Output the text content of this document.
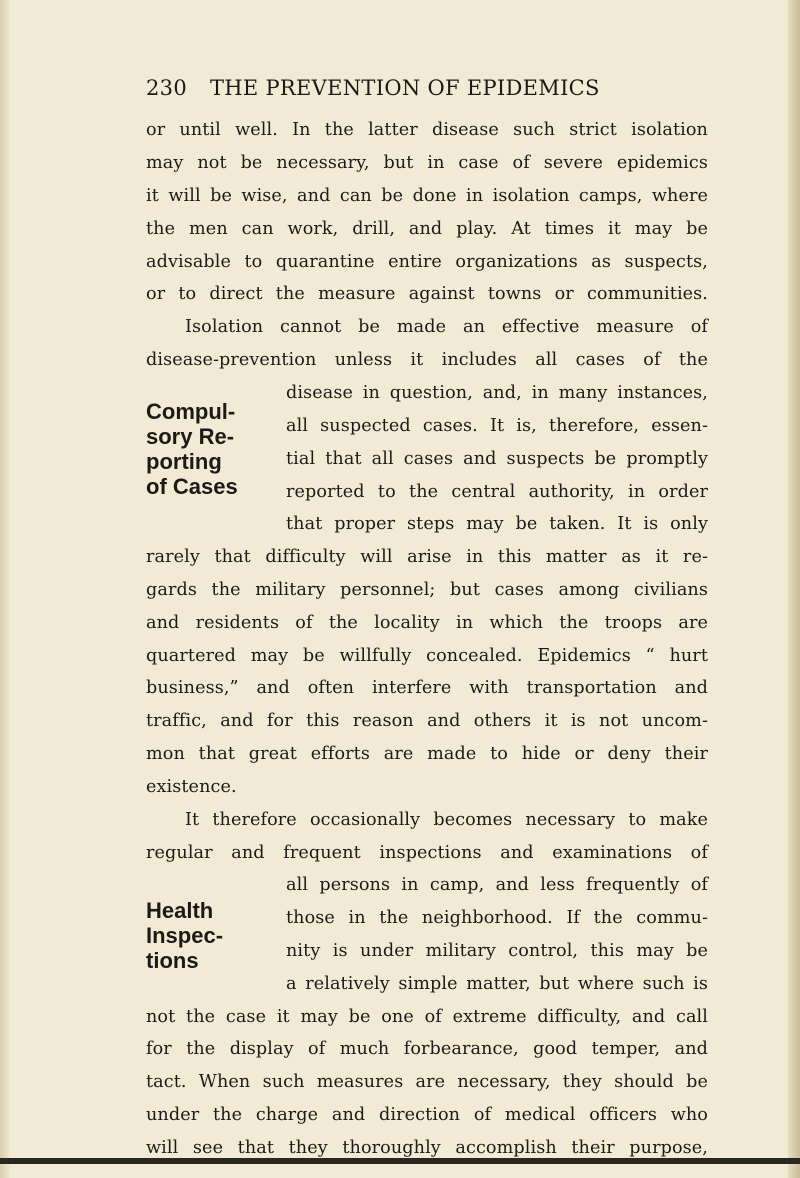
230 THE PREVENTION OF EPIDEMICS
or until well. In the latter disease such strict isolation
may not be necessary, but in case of severe epidemics
it will be wise, and can be done in isolation camps, where
the men can work, drill, and play. At times it may be
advisable to quarantine entire organizations as suspects,
or to direct the measure against towns or communities.
Isolation cannot be made an effective measure of
disease-prevention unless it includes all cases of the
Compul-
sory Re-
porting
of Cases
disease in question, and, in many instances,
all suspected cases. It is, therefore, essen-
tial that all cases and suspects be promptly
reported to the central authority, in order
that proper steps may be taken. It is only
rarely that difficulty will arise in this matter as it re-
gards the military personnel; but cases among civilians
and residents of the locality in which the troops are
quartered may be willfully concealed. Epidemics “ hurt
business,” and often interfere with transportation and
traffic, and for this reason and others it is not uncom-
mon that great efforts are made to hide or deny their
existence.
It therefore occasionally becomes necessary to make
regular and frequent inspections and examinations of
Health
Inspec-
tions
all persons in camp, and less frequently of
those in the neighborhood. If the commu-
nity is under military control, this may be
a relatively simple matter, but where such is
not the case it may be one of extreme difficulty, and call
for the display of much forbearance, good temper, and
tact. When such measures are necessary, they should be
under the charge and direction of medical officers who
will see that they thoroughly accomplish their purpose,
